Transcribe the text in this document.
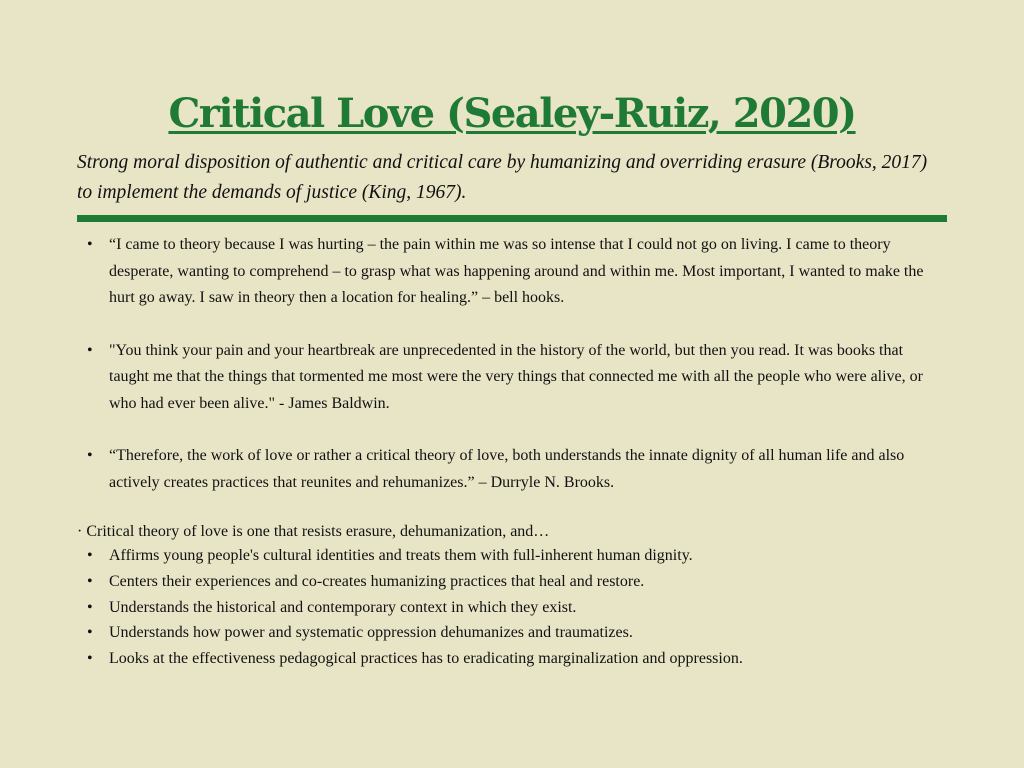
Critical Love (Sealey-Ruiz, 2020)
Strong moral disposition of authentic and critical care by humanizing and overriding erasure (Brooks, 2017) to implement the demands of justice (King, 1967).
•	“I came to theory because I was hurting – the pain within me was so intense that I could not go on living. I came to theory desperate, wanting to comprehend – to grasp what was happening around and within me. Most important, I wanted to make the hurt go away. I saw in theory then a location for healing.” – bell hooks.
•	"You think your pain and your heartbreak are unprecedented in the history of the world, but then you read. It was books that taught me that the things that tormented me most were the very things that connected me with all the people who were alive, or who had ever been alive." - James Baldwin.
•	“Therefore, the work of love or rather a critical theory of love, both understands the innate dignity of all human life and also actively creates practices that reunites and rehumanizes.” – Durryle N. Brooks.
· Critical theory of love is one that resists erasure, dehumanization, and…
•	Affirms young people's cultural identities and treats them with full-inherent human dignity.
•	Centers their experiences and co-creates humanizing practices that heal and restore.
•	Understands the historical and contemporary context in which they exist.
•	Understands how power and systematic oppression dehumanizes and traumatizes.
•	Looks at the effectiveness pedagogical practices has to eradicating marginalization and oppression.
